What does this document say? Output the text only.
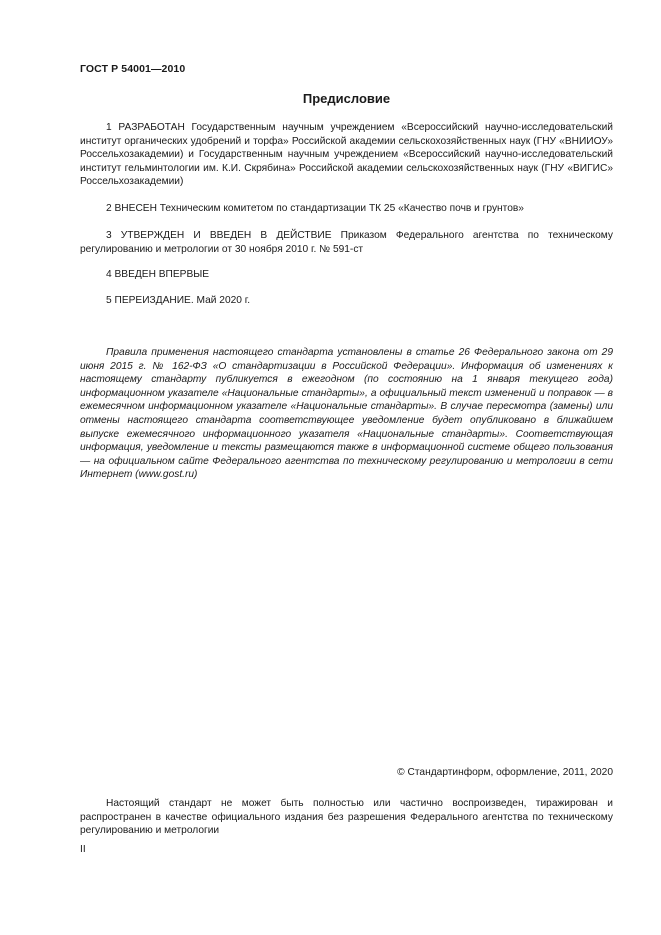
ГОСТ Р 54001—2010
Предисловие

1 РАЗРАБОТАН Государственным научным учреждением «Всероссийский научно-исследовательский институт органических удобрений и торфа» Российской академии сельскохозяйственных наук (ГНУ «ВНИИОУ» Россельхозакадемии) и Государственным научным учреждением «Всероссийский научно-исследовательский институт гельминтологии им. К.И. Скрябина» Российской академии сельскохозяйственных наук (ГНУ «ВИГИС» Россельхозакадемии)

2 ВНЕСЕН Техническим комитетом по стандартизации ТК 25 «Качество почв и грунтов»

3 УТВЕРЖДЕН И ВВЕДЕН В ДЕЙСТВИЕ Приказом Федерального агентства по техническому регулированию и метрологии от 30 ноября 2010 г. № 591-ст

4 ВВЕДЕН ВПЕРВЫЕ

5 ПЕРЕИЗДАНИЕ. Май 2020 г.

Правила применения настоящего стандарта установлены в статье 26 Федерального закона от 29 июня 2015 г. № 162-ФЗ «О стандартизации в Российской Федерации». Информация об изменениях к настоящему стандарту публикуется в ежегодном (по состоянию на 1 января текущего года) информационном указателе «Национальные стандарты», а официальный текст изменений и поправок — в ежемесячном информационном указателе «Национальные стандарты». В случае пересмотра (замены) или отмены настоящего стандарта соответствующее уведомление будет опубликовано в ближайшем выпуске ежемесячного информационного указателя «Национальные стандарты». Соответствующая информация, уведомление и тексты размещаются также в информационной системе общего пользования — на официальном сайте Федерального агентства по техническому регулированию и метрологии в сети Интернет (www.gost.ru)

© Стандартинформ, оформление, 2011, 2020

Настоящий стандарт не может быть полностью или частично воспроизведен, тиражирован и распространен в качестве официального издания без разрешения Федерального агентства по техническому регулированию и метрологии

II
